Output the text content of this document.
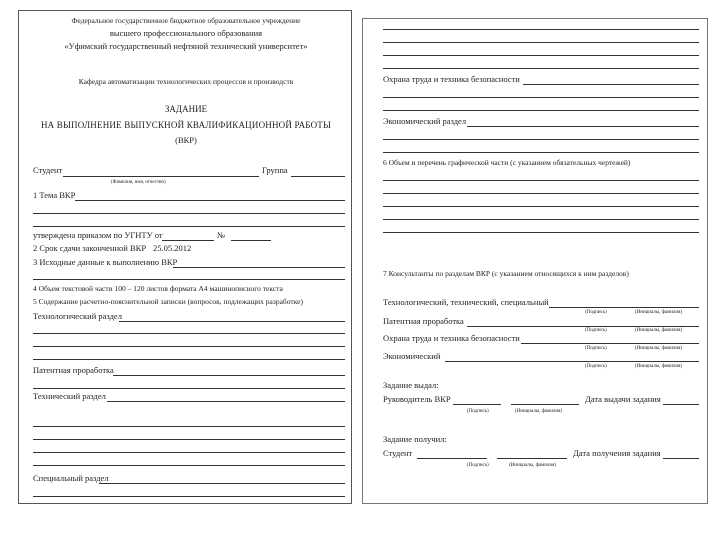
Федеральное государственное бюджетное образовательное учреждение
высшего профессионального образования
«Уфимский государственный нефтяной технический университет»
Кафедра автоматизации технологических процессов и производств
ЗАДАНИЕ
НА ВЫПОЛНЕНИЕ ВЫПУСКНОЙ КВАЛИФИКАЦИОННОЙ РАБОТЫ
(ВКР)
Студент	Группа
(Фамилия, имя, отчество)
1 Тема ВКР
утверждена приказом по УГНТУ от	№
2 Срок сдачи законченной ВКР 25.05.2012
3 Исходные данные к выполнению ВКР
4 Объем текстовой части 100 – 120 листов формата А4 машинописного текста
5 Содержание расчетно-пояснительной записки (вопросов, подлежащих разработке)
Технологический раздел
Патентная проработка
Технический раздел
Специальный раздел
Охрана труда и техника безопасности
Экономический раздел
6 Объем и перечень графической части (с указанием обязательных чертежей)
7 Консультанты по разделам ВКР (с указанием относящихся к ним разделов)
Технологический, технический, специальный
(Подпись)	(Инициалы, фамилия)
Патентная проработка
(Подпись)	(Инициалы, фамилия)
Охрана труда и техника безопасности
(Подпись)	(Инициалы, фамилия)
Экономический
(Подпись)	(Инициалы, фамилия)
Задание выдал:
Руководитель ВКР	Дата выдачи задания
(Подпись)	(Инициалы, фамилия)
Задание получил:
Студент	Дата получения задания
(Подпись)	(Инициалы, фамилия)
